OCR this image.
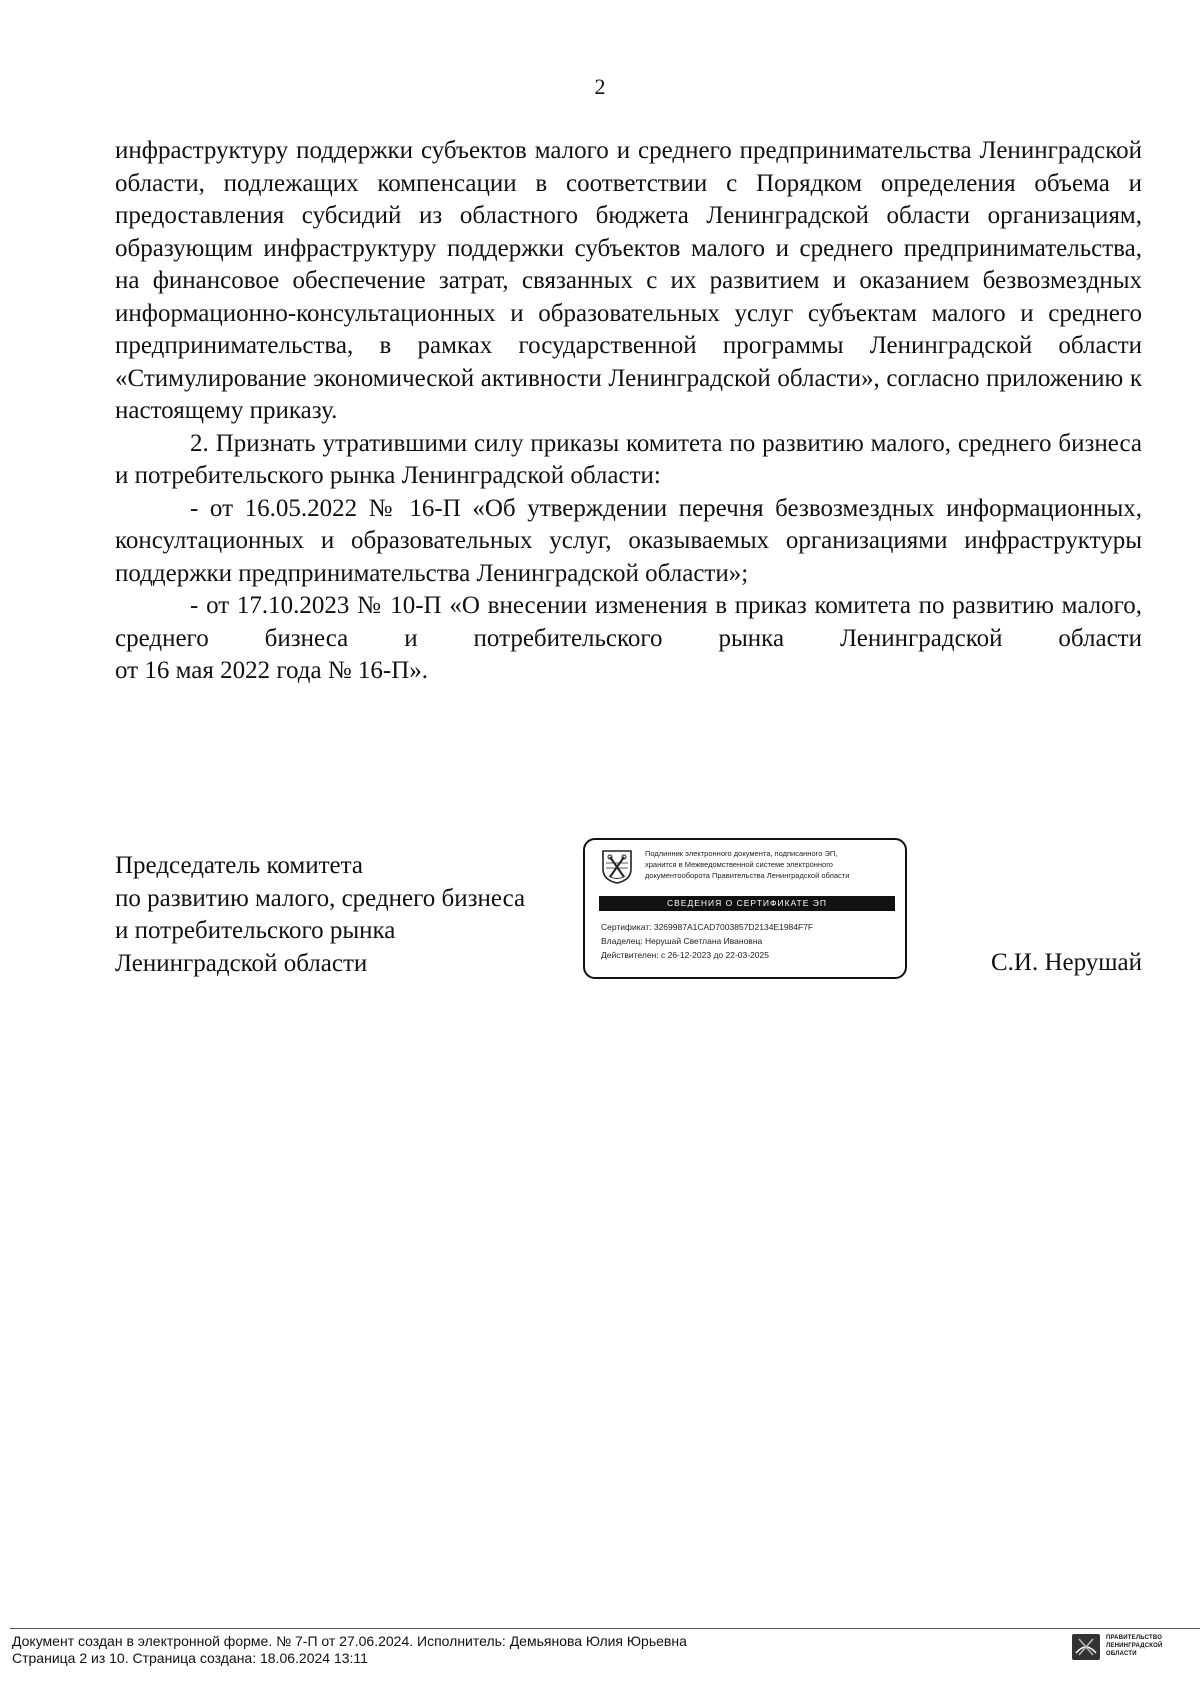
2

инфраструктуру поддержки субъектов малого и среднего предпринимательства Ленинградской области, подлежащих компенсации в соответствии с Порядком определения объема и предоставления субсидий из областного бюджета Ленинградской области организациям, образующим инфраструктуру поддержки субъектов малого и среднего предпринимательства, на финансовое обеспечение затрат, связанных с их развитием и оказанием безвозмездных информационно-консультационных и образовательных услуг субъектам малого и среднего предпринимательства, в рамках государственной программы Ленинградской области «Стимулирование экономической активности Ленинградской области», согласно приложению к настоящему приказу.

2. Признать утратившими силу приказы комитета по развитию малого, среднего бизнеса и потребительского рынка Ленинградской области:

- от 16.05.2022 № 16-П «Об утверждении перечня безвозмездных информационных, консултационных и образовательных услуг, оказываемых организациями инфраструктуры поддержки предпринимательства Ленинградской области»;

- от 17.10.2023 № 10-П «О внесении изменения в приказ комитета по развитию малого, среднего бизнеса и потребительского рынка Ленинградской области

от 16 мая 2022 года № 16-П».

Председатель комитета
по развитию малого, среднего бизнеса
и потребительского рынка
Ленинградской области
Подлинник электронного документа, подписанного ЭП,
хранится в Межведомственной системе электронного
документооборота Правительства Ленинградской области
СВЕДЕНИЯ О СЕРТИФИКАТЕ ЭП
Сертификат: 3269987A1CAD7003857D2134E1984F7F
Владелец: Нерушай Светлана Ивановна
Действителен: с 26-12-2023 до 22-03-2025	С.И. Нерушай
Документ создан в электронной форме. № 7-П от 27.06.2024. Исполнитель: Демьянова Юлия Юрьевна
Страница 2 из 10. Страница создана: 18.06.2024 13:11
ПРАВИТЕЛЬСТВО
ЛЕНИНГРАДСКОЙ
ОБЛАСТИ
